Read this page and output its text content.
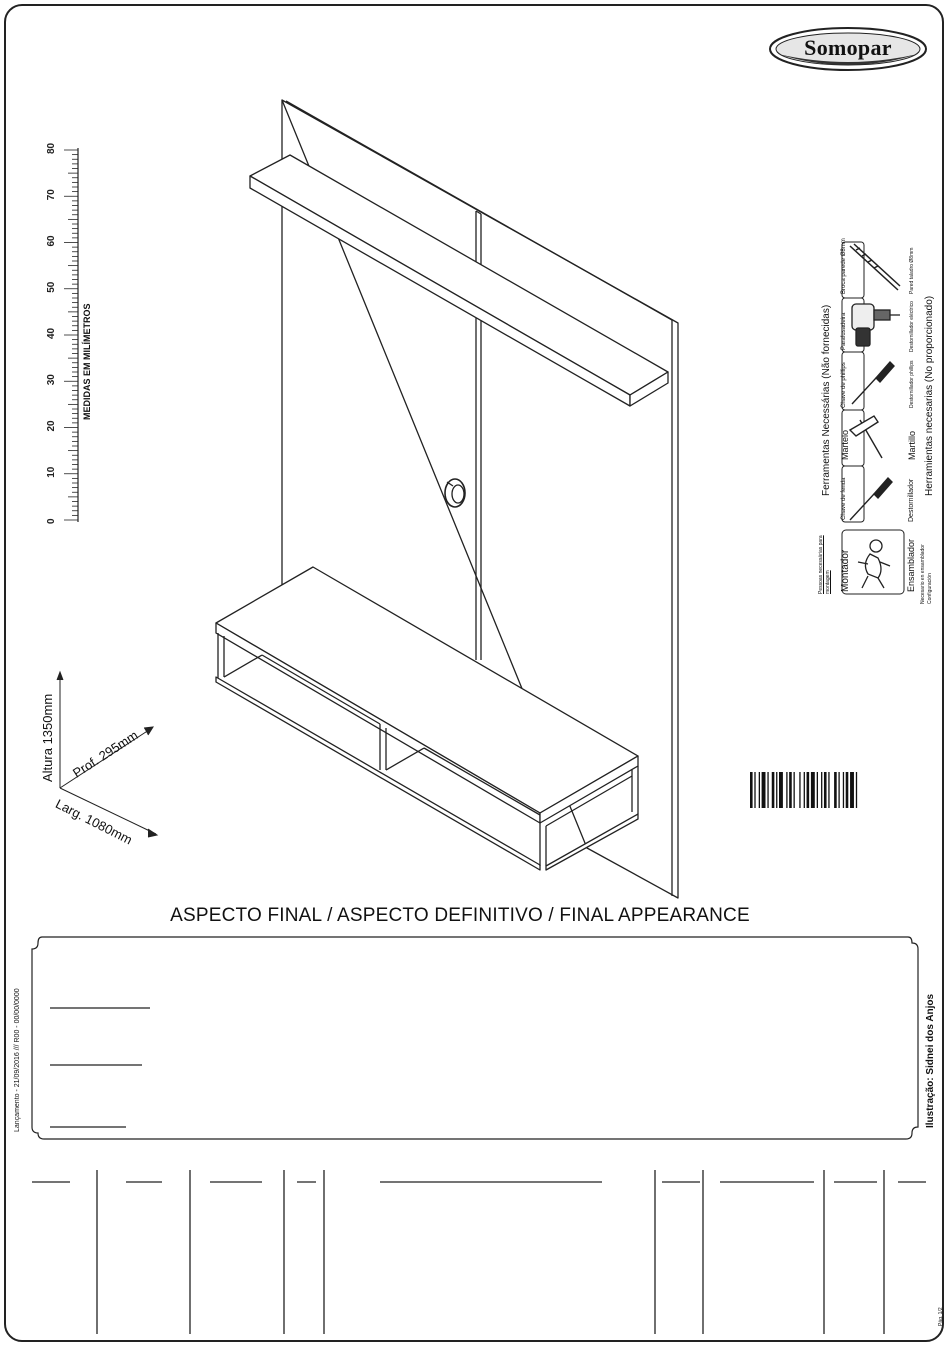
Somopar
0
10
20
30
40
50
60
70
80
MEDIDAS EM MILÍMETROS
Altura 1350mm Prof. 295mm
Larg. 1080mm
Ferramentas Necessárias (Não fornecidas)	Herramientas necesarias (No proporcionado)
Chave de fenda
Martelo
Chave de phillips
Parafusadeira
Broca parede Ø8mm
Destornillador
Martillo
Destornillador phillips
Destornillador eléctrico
Pared taladro Ø8mm
Pessoas necessárias para montagem Montador	Ensamblador Necesario en ensamblador Configuración
ASPECTO FINAL / ASPECTO DEFINITIVO / FINAL APPEARANCE
Lançamento - 21/09/2016 /// R00 - 00/00/0000	Ilustração: Sidnei dos Anjos
Pág. 1/2
